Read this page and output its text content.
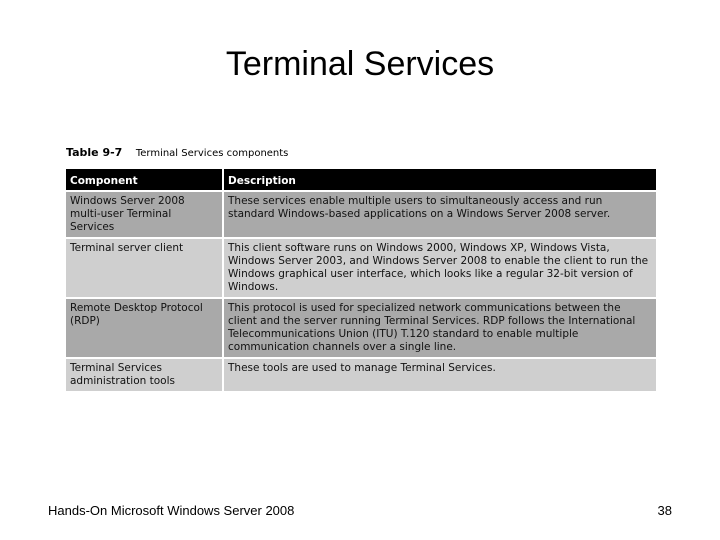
Terminal Services
Table 9-7 Terminal Services components
Component	Description
Windows Server 2008 multi-user Terminal Services	These services enable multiple users to simultaneously access and run standard Windows-based applications on a Windows Server 2008 server.
Terminal server client	This client software runs on Windows 2000, Windows XP, Windows Vista, Windows Server 2003, and Windows Server 2008 to enable the client to run the Windows graphical user interface, which looks like a regular 32-bit version of Windows.
Remote Desktop Protocol (RDP)	This protocol is used for specialized network communications between the client and the server running Terminal Services. RDP follows the International Telecommunications Union (ITU) T.120 standard to enable multiple communication channels over a single line.
Terminal Services administration tools	These tools are used to manage Terminal Services.
Hands-On Microsoft Windows Server 2008	38
